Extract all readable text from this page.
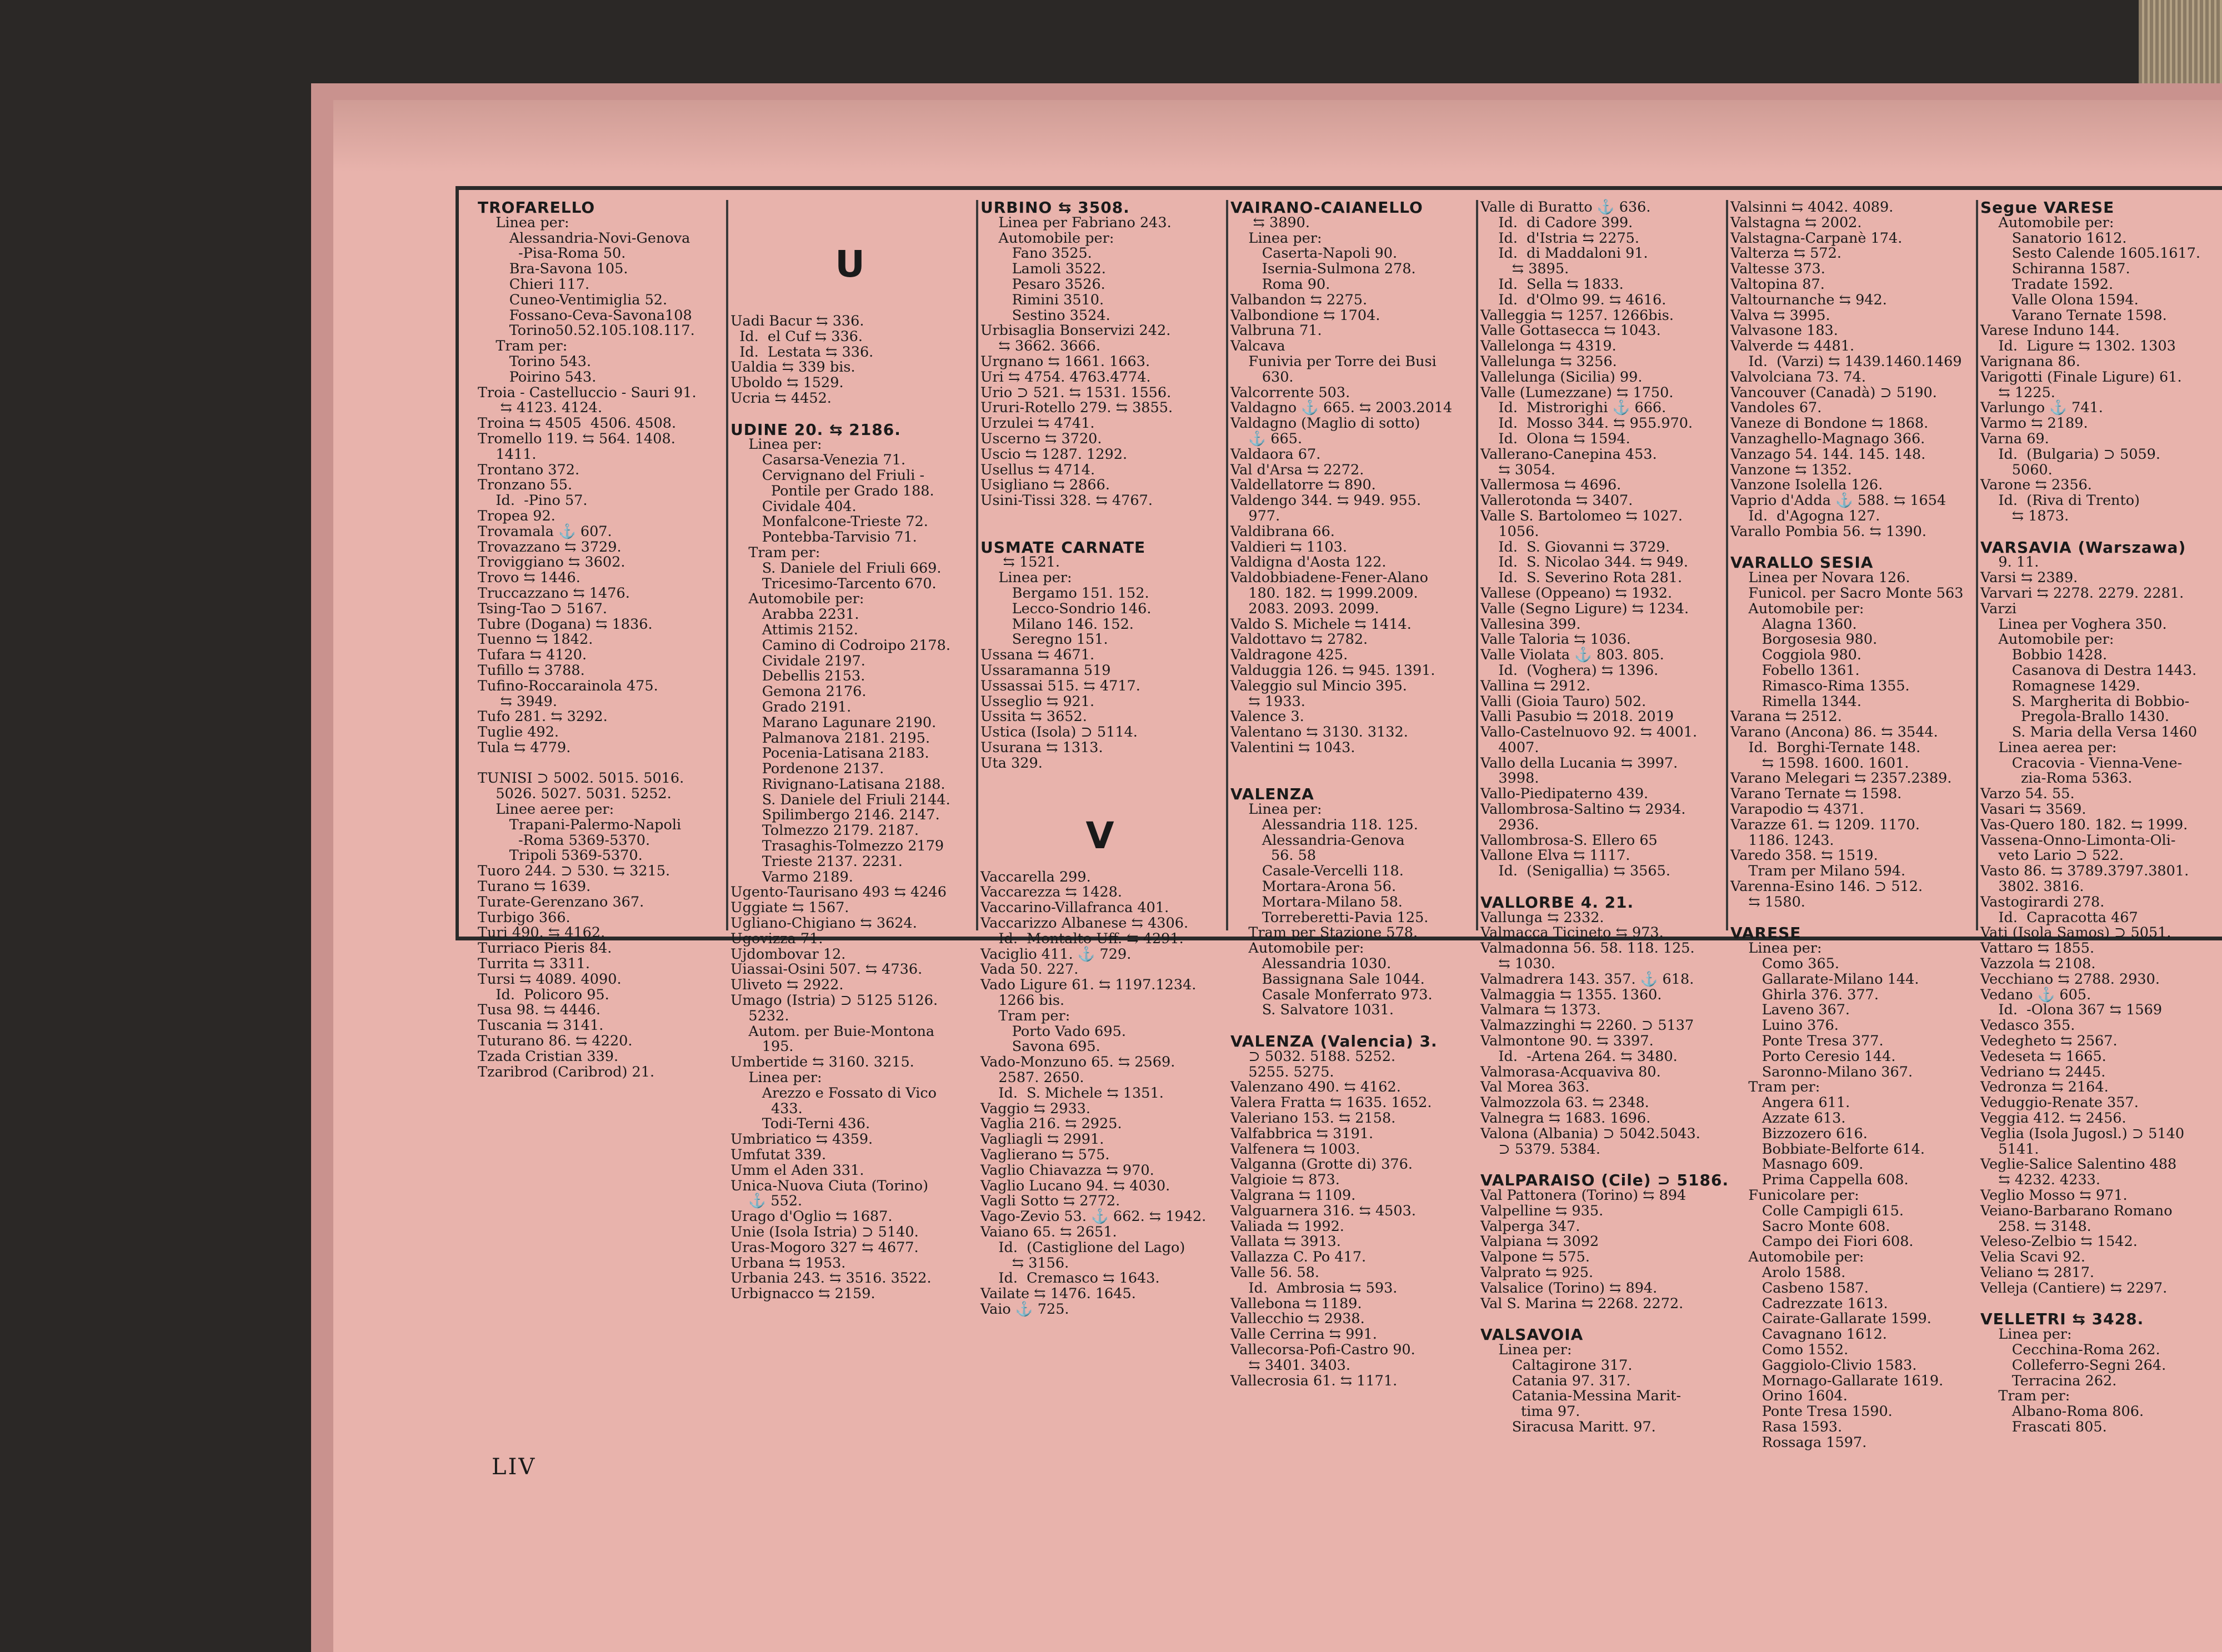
TROFARELLO
Linea per:
Alessandria-Novi-Genova
-Pisa-Roma 50.
Bra-Savona 105.
Chieri 117.
Cuneo-Ventimiglia 52.
Fossano-Ceva-Savona108
Torino50.52.105.108.117.
Tram per:
Torino 543.
Poirino 543.
Troia - Castelluccio - Sauri 91.
⇆ 4123. 4124.
Troina ⇆ 4505  4506. 4508.
Tromello 119. ⇆ 564. 1408.
1411.
Trontano 372.
Tronzano 55.
Id.  -Pino 57.
Tropea 92.
Trovamala ⚓ 607.
Trovazzano ⇆ 3729.
Troviggiano ⇆ 3602.
Trovo ⇆ 1446.
Truccazzano ⇆ 1476.
Tsing-Tao ⊃ 5167.
Tubre (Dogana) ⇆ 1836.
Tuenno ⇆ 1842.
Tufara ⇆ 4120.
Tufillo ⇆ 3788.
Tufino-Roccarainola 475.
⇆ 3949.
Tufo 281. ⇆ 3292.
Tuglie 492.
Tula ⇆ 4779.

TUNISI ⊃ 5002. 5015. 5016.
5026. 5027. 5031. 5252.
Linee aeree per:
Trapani-Palermo-Napoli
-Roma 5369-5370.
Tripoli 5369-5370.
Tuoro 244. ⊃ 530. ⇆ 3215.
Turano ⇆ 1639.
Turate-Gerenzano 367.
Turbigo 366.
Turi 490. ⇆ 4162.
Turriaco Pieris 84.
Turrita ⇆ 3311.
Tursi ⇆ 4089. 4090.
Id.  Policoro 95.
Tusa 98. ⇆ 4446.
Tuscania ⇆ 3141.
Tuturano 86. ⇆ 4220.
Tzada Cristian 339.
Tzaribrod (Caribrod) 21.

U

Uadi Bacur ⇆ 336.
Id.  el Cuf ⇆ 336.
Id.  Lestata ⇆ 336.
Ualdia ⇆ 339 bis.
Uboldo ⇆ 1529.
Ucria ⇆ 4452.

UDINE 20. ⇆ 2186.
Linea per:
Casarsa-Venezia 71.
Cervignano del Friuli -
Pontile per Grado 188.
Cividale 404.
Monfalcone-Trieste 72.
Pontebba-Tarvisio 71.
Tram per:
S. Daniele del Friuli 669.
Tricesimo-Tarcento 670.
Automobile per:
Arabba 2231.
Attimis 2152.
Camino di Codroipo 2178.
Cividale 2197.
Debellis 2153.
Gemona 2176.
Grado 2191.
Marano Lagunare 2190.
Palmanova 2181. 2195.
Pocenia-Latisana 2183.
Pordenone 2137.
Rivignano-Latisana 2188.
S. Daniele del Friuli 2144.
Spilimbergo 2146. 2147.
Tolmezzo 2179. 2187.
Trasaghis-Tolmezzo 2179
Trieste 2137. 2231.
Varmo 2189.
Ugento-Taurisano 493 ⇆ 4246
Uggiate ⇆ 1567.
Ugliano-Chigiano ⇆ 3624.
Ugovizza 71.
Ujdombovar 12.
Uiassai-Osini 507. ⇆ 4736.
Uliveto ⇆ 2922.
Umago (Istria) ⊃ 5125 5126.
5232.
Autom. per Buie-Montona
195.
Umbertide ⇆ 3160. 3215.
Linea per:
Arezzo e Fossato di Vico
433.
Todi-Terni 436.
Umbriatico ⇆ 4359.
Umfutat 339.
Umm el Aden 331.
Unica-Nuova Ciuta (Torino)
⚓ 552.
Urago d'Oglio ⇆ 1687.
Unie (Isola Istria) ⊃ 5140.
Uras-Mogoro 327 ⇆ 4677.
Urbana ⇆ 1953.
Urbania 243. ⇆ 3516. 3522.
Urbignacco ⇆ 2159.
URBINO ⇆ 3508.
Linea per Fabriano 243.
Automobile per:
Fano 3525.
Lamoli 3522.
Pesaro 3526.
Rimini 3510.
Sestino 3524.
Urbisaglia Bonservizi 242.
⇆ 3662. 3666.
Urgnano ⇆ 1661. 1663.
Uri ⇆ 4754. 4763.4774.
Urio ⊃ 521. ⇆ 1531. 1556.
Ururi-Rotello 279. ⇆ 3855.
Urzulei ⇆ 4741.
Uscerno ⇆ 3720.
Uscio ⇆ 1287. 1292.
Usellus ⇆ 4714.
Usigliano ⇆ 2866.
Usini-Tissi 328. ⇆ 4767.

USMATE CARNATE
⇆ 1521.
Linea per:
Bergamo 151. 152.
Lecco-Sondrio 146.
Milano 146. 152.
Seregno 151.
Ussana ⇆ 4671.
Ussaramanna 519
Ussassai 515. ⇆ 4717.
Usseglio ⇆ 921.
Ussita ⇆ 3652.
Ustica (Isola) ⊃ 5114.
Usurana ⇆ 1313.
Uta 329.

V

Vaccarella 299.
Vaccarezza ⇆ 1428.
Vaccarino-Villafranca 401.
Vaccarizzo Albanese ⇆ 4306.
Id.  Montalto Uff. ⇆ 4291.
Vaciglio 411. ⚓ 729.
Vada 50. 227.
Vado Ligure 61. ⇆ 1197.1234.
1266 bis.
Tram per:
Porto Vado 695.
Savona 695.
Vado-Monzuno 65. ⇆ 2569.
2587. 2650.
Id.  S. Michele ⇆ 1351.
Vaggio ⇆ 2933.
Vaglia 216. ⇆ 2925.
Vagliagli ⇆ 2991.
Vaglierano ⇆ 575.
Vaglio Chiavazza ⇆ 970.
Vaglio Lucano 94. ⇆ 4030.
Vagli Sotto ⇆ 2772.
Vago-Zevio 53. ⚓ 662. ⇆ 1942.
Vaiano 65. ⇆ 2651.
Id.  (Castiglione del Lago)
⇆ 3156.
Id.  Cremasco ⇆ 1643.
Vailate ⇆ 1476. 1645.
Vaio ⚓ 725.
VAIRANO-CAIANELLO
⇆ 3890.
Linea per:
Caserta-Napoli 90.
Isernia-Sulmona 278.
Roma 90.
Valbandon ⇆ 2275.
Valbondione ⇆ 1704.
Valbruna 71.
Valcava
Funivia per Torre dei Busi
630.
Valcorrente 503.
Valdagno ⚓ 665. ⇆ 2003.2014
Valdagno (Maglio di sotto)
⚓ 665.
Valdaora 67.
Val d'Arsa ⇆ 2272.
Valdellatorre ⇆ 890.
Valdengo 344. ⇆ 949. 955.
977.
Valdibrana 66.
Valdieri ⇆ 1103.
Valdigna d'Aosta 122.
Valdobbiadene-Fener-Alano
180. 182. ⇆ 1999.2009.
2083. 2093. 2099.
Valdo S. Michele ⇆ 1414.
Valdottavo ⇆ 2782.
Valdragone 425.
Valduggia 126. ⇆ 945. 1391.
Valeggio sul Mincio 395.
⇆ 1933.
Valence 3.
Valentano ⇆ 3130. 3132.
Valentini ⇆ 1043.

VALENZA
Linea per:
Alessandria 118. 125.
Alessandria-Genova
56. 58
Casale-Vercelli 118.
Mortara-Arona 56.
Mortara-Milano 58.
Torreberetti-Pavia 125.
Tram per Stazione 578.
Automobile per:
Alessandria 1030.
Bassignana Sale 1044.
Casale Monferrato 973.
S. Salvatore 1031.

VALENZA (Valencia) 3.
⊃ 5032. 5188. 5252.
5255. 5275.
Valenzano 490. ⇆ 4162.
Valera Fratta ⇆ 1635. 1652.
Valeriano 153. ⇆ 2158.
Valfabbrica ⇆ 3191.
Valfenera ⇆ 1003.
Valganna (Grotte di) 376.
Valgioie ⇆ 873.
Valgrana ⇆ 1109.
Valguarnera 316. ⇆ 4503.
Valiada ⇆ 1992.
Vallata ⇆ 3913.
Vallazza C. Po 417.
Valle 56. 58.
Id.  Ambrosia ⇆ 593.
Vallebona ⇆ 1189.
Vallecchio ⇆ 2938.
Valle Cerrina ⇆ 991.
Vallecorsa-Pofi-Castro 90.
⇆ 3401. 3403.
Vallecrosia 61. ⇆ 1171.
Valle di Buratto ⚓ 636.
Id.  di Cadore 399.
Id.  d'Istria ⇆ 2275.
Id.  di Maddaloni 91.
⇆ 3895.
Id.  Sella ⇆ 1833.
Id.  d'Olmo 99. ⇆ 4616.
Valleggia ⇆ 1257. 1266bis.
Valle Gottasecca ⇆ 1043.
Vallelonga ⇆ 4319.
Vallelunga ⇆ 3256.
Vallelunga (Sicilia) 99.
Valle (Lumezzane) ⇆ 1750.
Id.  Mistrorighi ⚓ 666.
Id.  Mosso 344. ⇆ 955.970.
Id.  Olona ⇆ 1594.
Vallerano-Canepina 453.
⇆ 3054.
Vallermosa ⇆ 4696.
Vallerotonda ⇆ 3407.
Valle S. Bartolomeo ⇆ 1027.
1056.
Id.  S. Giovanni ⇆ 3729.
Id.  S. Nicolao 344. ⇆ 949.
Id.  S. Severino Rota 281.
Vallese (Oppeano) ⇆ 1932.
Valle (Segno Ligure) ⇆ 1234.
Vallesina 399.
Valle Taloria ⇆ 1036.
Valle Violata ⚓ 803. 805.
Id.  (Voghera) ⇆ 1396.
Vallina ⇆ 2912.
Valli (Gioia Tauro) 502.
Valli Pasubio ⇆ 2018. 2019
Vallo-Castelnuovo 92. ⇆ 4001.
4007.
Vallo della Lucania ⇆ 3997.
3998.
Vallo-Piedipaterno 439.
Vallombrosa-Saltino ⇆ 2934.
2936.
Vallombrosa-S. Ellero 65
Vallone Elva ⇆ 1117.
Id.  (Senigallia) ⇆ 3565.

VALLORBE 4. 21.
Vallunga ⇆ 2332.
Valmacca Ticineto ⇆ 973.
Valmadonna 56. 58. 118. 125.
⇆ 1030.
Valmadrera 143. 357. ⚓ 618.
Valmaggia ⇆ 1355. 1360.
Valmara ⇆ 1373.
Valmazzinghi ⇆ 2260. ⊃ 5137
Valmontone 90. ⇆ 3397.
Id.  -Artena 264. ⇆ 3480.
Valmorasa-Acquaviva 80.
Val Morea 363.
Valmozzola 63. ⇆ 2348.
Valnegra ⇆ 1683. 1696.
Valona (Albania) ⊃ 5042.5043.
⊃ 5379. 5384.

VALPARAISO (Cile) ⊃ 5186.
Val Pattonera (Torino) ⇆ 894
Valpelline ⇆ 935.
Valperga 347.
Valpiana ⇆ 3092
Valpone ⇆ 575.
Valprato ⇆ 925.
Valsalice (Torino) ⇆ 894.
Val S. Marina ⇆ 2268. 2272.

VALSAVOIA
Linea per:
Caltagirone 317.
Catania 97. 317.
Catania-Messina Marit-
tima 97.
Siracusa Maritt. 97.
Valsinni ⇆ 4042. 4089.
Valstagna ⇆ 2002.
Valstagna-Carpanè 174.
Valterza ⇆ 572.
Valtesse 373.
Valtopina 87.
Valtournanche ⇆ 942.
Valva ⇆ 3995.
Valvasone 183.
Valverde ⇆ 4481.
Id.  (Varzi) ⇆ 1439.1460.1469
Valvolciana 73. 74.
Vancouver (Canadà) ⊃ 5190.
Vandoles 67.
Vaneze di Bondone ⇆ 1868.
Vanzaghello-Magnago 366.
Vanzago 54. 144. 145. 148.
Vanzone ⇆ 1352.
Vanzone Isolella 126.
Vaprio d'Adda ⚓ 588. ⇆ 1654
Id.  d'Agogna 127.
Varallo Pombia 56. ⇆ 1390.

VARALLO SESIA
Linea per Novara 126.
Funicol. per Sacro Monte 563
Automobile per:
Alagna 1360.
Borgosesia 980.
Coggiola 980.
Fobello 1361.
Rimasco-Rima 1355.
Rimella 1344.
Varana ⇆ 2512.
Varano (Ancona) 86. ⇆ 3544.
Id.  Borghi-Ternate 148.
⇆ 1598. 1600. 1601.
Varano Melegari ⇆ 2357.2389.
Varano Ternate ⇆ 1598.
Varapodio ⇆ 4371.
Varazze 61. ⇆ 1209. 1170.
1186. 1243.
Varedo 358. ⇆ 1519.
Tram per Milano 594.
Varenna-Esino 146. ⊃ 512.
⇆ 1580.

VARESE
Linea per:
Como 365.
Gallarate-Milano 144.
Ghirla 376. 377.
Laveno 367.
Luino 376.
Ponte Tresa 377.
Porto Ceresio 144.
Saronno-Milano 367.
Tram per:
Angera 611.
Azzate 613.
Bizzozero 616.
Bobbiate-Belforte 614.
Masnago 609.
Prima Cappella 608.
Funicolare per:
Colle Campigli 615.
Sacro Monte 608.
Campo dei Fiori 608.
Automobile per:
Arolo 1588.
Casbeno 1587.
Cadrezzate 1613.
Cairate-Gallarate 1599.
Cavagnano 1612.
Como 1552.
Gaggiolo-Clivio 1583.
Mornago-Gallarate 1619.
Orino 1604.
Ponte Tresa 1590.
Rasa 1593.
Rossaga 1597.
Segue VARESE
Automobile per:
Sanatorio 1612.
Sesto Calende 1605.1617.
Schiranna 1587.
Tradate 1592.
Valle Olona 1594.
Varano Ternate 1598.
Varese Induno 144.
Id.  Ligure ⇆ 1302. 1303
Varignana 86.
Varigotti (Finale Ligure) 61.
⇆ 1225.
Varlungo ⚓ 741.
Varmo ⇆ 2189.
Varna 69.
Id.  (Bulgaria) ⊃ 5059.
5060.
Varone ⇆ 2356.
Id.  (Riva di Trento)
⇆ 1873.

VARSAVIA (Warszawa)
9. 11.
Varsi ⇆ 2389.
Varvari ⇆ 2278. 2279. 2281.
Varzi
Linea per Voghera 350.
Automobile per:
Bobbio 1428.
Casanova di Destra 1443.
Romagnese 1429.
S. Margherita di Bobbio-
Pregola-Brallo 1430.
S. Maria della Versa 1460
Linea aerea per:
Cracovia - Vienna-Vene-
zia-Roma 5363.
Varzo 54. 55.
Vasari ⇆ 3569.
Vas-Quero 180. 182. ⇆ 1999.
Vassena-Onno-Limonta-Oli-
veto Lario ⊃ 522.
Vasto 86. ⇆ 3789.3797.3801.
3802. 3816.
Vastogirardi 278.
Id.  Capracotta 467
Vati (Isola Samos) ⊃ 5051.
Vattaro ⇆ 1855.
Vazzola ⇆ 2108.
Vecchiano ⇆ 2788. 2930.
Vedano ⚓ 605.
Id.  -Olona 367 ⇆ 1569
Vedasco 355.
Vedegheto ⇆ 2567.
Vedeseta ⇆ 1665.
Vedriano ⇆ 2445.
Vedronza ⇆ 2164.
Veduggio-Renate 357.
Veggia 412. ⇆ 2456.
Veglia (Isola Jugosl.) ⊃ 5140
5141.
Veglie-Salice Salentino 488
⇆ 4232. 4233.
Veglio Mosso ⇆ 971.
Veiano-Barbarano Romano
258. ⇆ 3148.
Veleso-Zelbio ⇆ 1542.
Velia Scavi 92.
Veliano ⇆ 2817.
Velleja (Cantiere) ⇆ 2297.

VELLETRI ⇆ 3428.
Linea per:
Cecchina-Roma 262.
Colleferro-Segni 264.
Terracina 262.
Tram per:
Albano-Roma 806.
Frascati 805.
LIV
